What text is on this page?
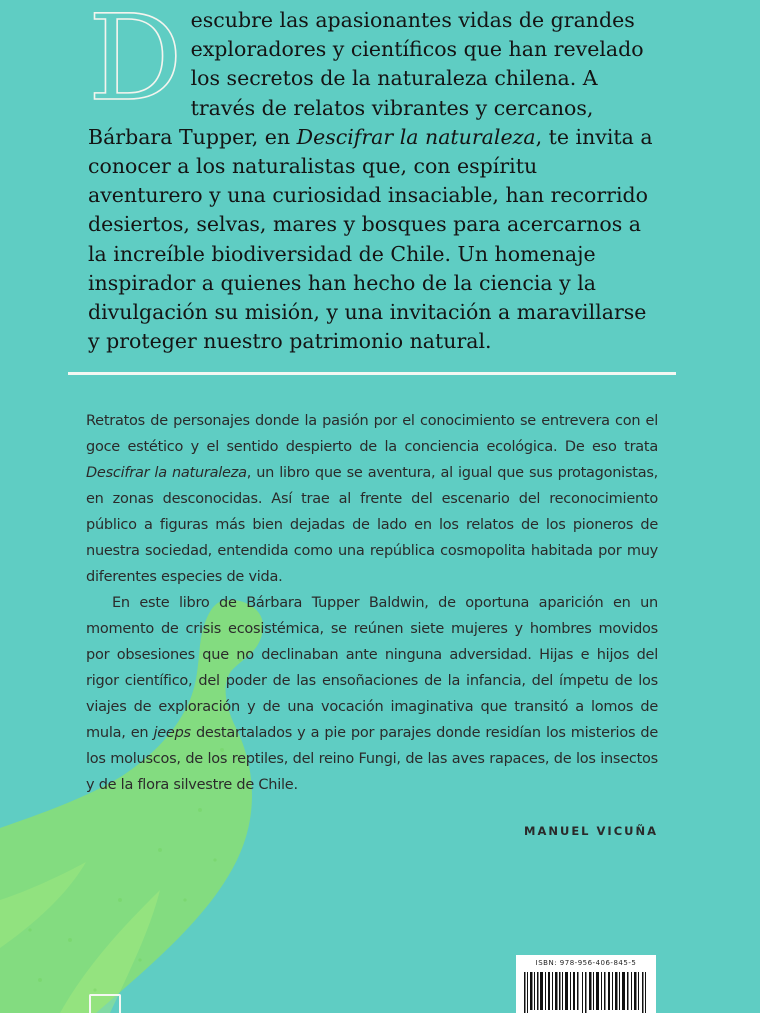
Descubre las apasionantes vidas de grandes exploradores y científicos que han revelado los secretos de la naturaleza chilena. A través de relatos vibrantes y cercanos, Bárbara Tupper, en Descifrar la naturaleza, te invita a conocer a los naturalistas que, con espíritu aventurero y una curiosidad insaciable, han recorrido desiertos, selvas, mares y bosques para acercarnos a la increíble biodiversidad de Chile. Un homenaje inspirador a quienes han hecho de la ciencia y la divulgación su misión, y una invitación a maravillarse y proteger nuestro patrimonio natural.

Retratos de personajes donde la pasión por el conocimiento se entrevera con el goce estético y el sentido despierto de la conciencia ecológica. De eso trata Descifrar la naturaleza, un libro que se aventura, al igual que sus protagonistas, en zonas desconocidas. Así trae al frente del escenario del reconocimiento público a figuras más bien dejadas de lado en los relatos de los pioneros de nuestra sociedad, entendida como una república cosmopolita habitada por muy diferentes especies de vida.

En este libro de Bárbara Tupper Baldwin, de oportuna aparición en un momento de crisis ecosistémica, se reúnen siete mujeres y hombres movidos por obsesiones que no declinaban ante ninguna adversidad. Hijas e hijos del rigor científico, del poder de las ensoñaciones de la infancia, del ímpetu de los viajes de exploración y de una vocación imaginativa que transitó a lomos de mula, en jeeps destartalados y a pie por parajes donde residían los misterios de los moluscos, de los reptiles, del reino Fungi, de las aves rapaces, de los insectos y de la flora silvestre de Chile.

MANUEL VICUÑA
ISBN: 978-956-406-845-5
